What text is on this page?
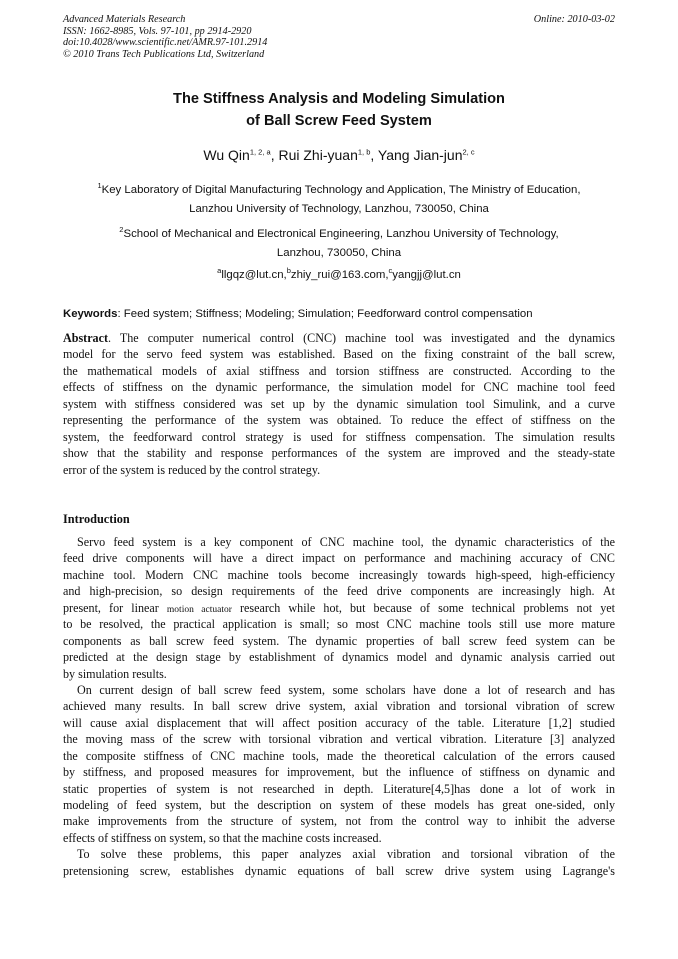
Advanced Materials Research
ISSN: 1662-8985, Vols. 97-101, pp 2914-2920
doi:10.4028/www.scientific.net/AMR.97-101.2914
© 2010 Trans Tech Publications Ltd, Switzerland
Online: 2010-03-02
The Stiffness Analysis and Modeling Simulation
of Ball Screw Feed System
Wu Qin$^{1, 2, a}$, Rui Zhi-yuan$^{1, b}$, Yang Jian-jun$^{2, c}$
$^1$Key Laboratory of Digital Manufacturing Technology and Application, The Ministry of Education,
Lanzhou University of Technology, Lanzhou, 730050, China
$^2$School of Mechanical and Electronical Engineering, Lanzhou University of Technology,
Lanzhou, 730050, China
$^a$llgqz@lut.cn,$^b$zhiy_rui@163.com,$^c$yangjj@lut.cn
Keywords: Feed system; Stiffness; Modeling; Simulation; Feedforward control compensation
Abstract. The computer numerical control (CNC) machine tool was investigated and the dynamics
model for the servo feed system was established. Based on the fixing constraint of the ball screw,
the mathematical models of axial stiffness and torsion stiffness are constructed. According to the
effects of stiffness on the dynamic performance, the simulation model for CNC machine tool feed
system with stiffness considered was set up by the dynamic simulation tool Simulink, and a curve
representing the performance of the system was obtained. To reduce the effect of stiffness on the
system, the feedforward control strategy is used for stiffness compensation. The simulation results
show that the stability and response performances of the system are improved and the steady-state
error of the system is reduced by the control strategy.
Introduction
Servo feed system is a key component of CNC machine tool, the dynamic characteristics of the
feed drive components will have a direct impact on performance and machining accuracy of CNC
machine tool. Modern CNC machine tools become increasingly towards high-speed, high-efficiency
and high-precision, so design requirements of the feed drive components are increasingly high. At
present, for linear motion actuator research while hot, but because of some technical problems not yet
to be resolved, the practical application is small; so most CNC machine tools still use more mature
components as ball screw feed system. The dynamic properties of ball screw feed system can be
predicted at the design stage by establishment of dynamics model and dynamic analysis carried out
by simulation results.
On current design of ball screw feed system, some scholars have done a lot of research and has
achieved many results. In ball screw drive system, axial vibration and torsional vibration of screw
will cause axial displacement that will affect position accuracy of the table. Literature [1,2] studied
the moving mass of the screw with torsional vibration and vertical vibration. Literature [3] analyzed
the composite stiffness of CNC machine tools, made the theoretical calculation of the errors caused
by stiffness, and proposed measures for improvement, but the influence of stiffness on dynamic and
static properties of system is not researched in depth. Literature[4,5]has done a lot of work in
modeling of feed system, but the description on system of these models has great one-sided, only
make improvements from the structure of system, not from the control way to inhibit the adverse
effects of stiffness on system, so that the machine costs increased.
To solve these problems, this paper analyzes axial vibration and torsional vibration of the
pretensioning screw, establishes dynamic equations of ball screw drive system using Lagrange's
